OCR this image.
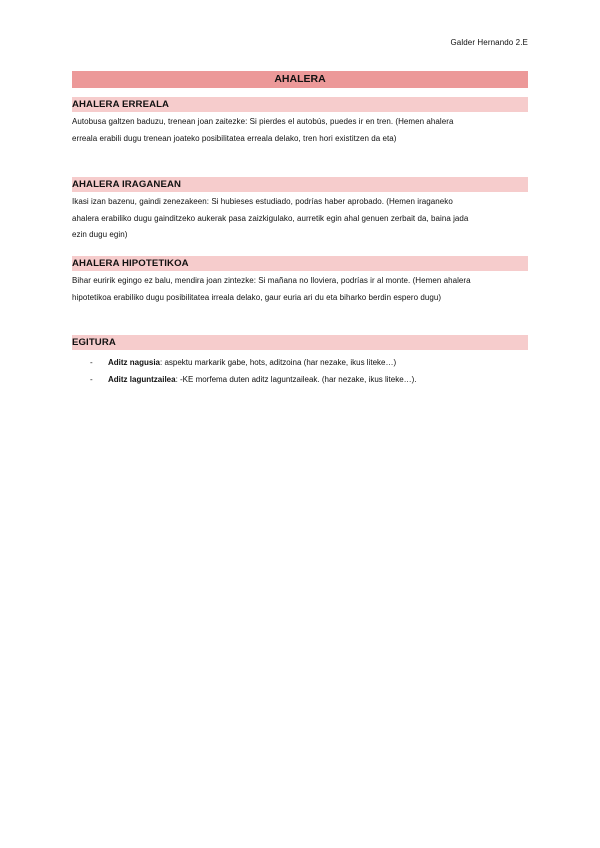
Galder Hernando 2.E
AHALERA
AHALERA ERREALA
Autobusa galtzen baduzu, trenean joan zaitezke: Si pierdes el autobús, puedes ir en tren. (Hemen ahalera erreala erabili dugu trenean joateko posibilitatea erreala delako, tren hori existitzen da eta)
AHALERA IRAGANEAN
Ikasi izan bazenu, gaindi zenezakeen: Si hubieses estudiado, podrías haber aprobado. (Hemen iraganeko ahalera erabiliko dugu gainditzeko aukerak pasa zaizkigulako, aurretik egin ahal genuen zerbait da, baina jada ezin dugu egin)
AHALERA HIPOTETIKOA
Bihar euririk egingo ez balu, mendira joan zintezke: Si mañana no lloviera, podrías ir al monte. (Hemen ahalera hipotetikoa erabiliko dugu posibilitatea irreala delako, gaur euria ari du eta biharko berdin espero dugu)
EGITURA
- Aditz nagusia: aspektu markarik gabe, hots, aditzoina (har nezake, ikus liteke…)
- Aditz laguntzailea: -KE morfema duten aditz laguntzaileak. (har nezake, ikus liteke…).
